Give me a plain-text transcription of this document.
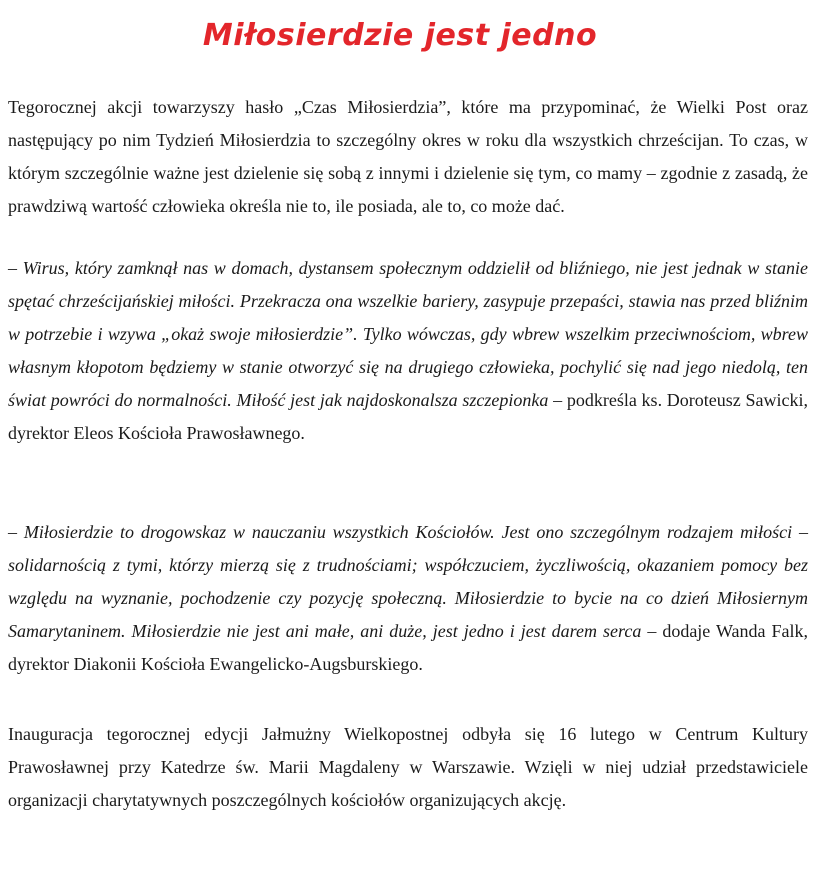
Miłosierdzie jest jedno

Tegorocznej akcji towarzyszy hasło „Czas Miłosierdzia”, które ma przypominać, że Wielki Post oraz następujący po nim Tydzień Miłosierdzia to szczególny okres w roku dla wszystkich chrześcijan. To czas, w którym szczególnie ważne jest dzielenie się sobą z innymi i dzielenie się tym, co mamy – zgodnie z zasadą, że prawdziwą wartość człowieka określa nie to, ile posiada, ale to, co może dać.

– Wirus, który zamknął nas w domach, dystansem społecznym oddzielił od bliźniego, nie jest jednak w stanie spętać chrześcijańskiej miłości. Przekracza ona wszelkie bariery, zasypuje przepaści, stawia nas przed bliźnim w potrzebie i wzywa „okaż swoje miłosierdzie”. Tylko wówczas, gdy wbrew wszelkim przeciwnościom, wbrew własnym kłopotom będziemy w stanie otworzyć się na drugiego człowieka, pochylić się nad jego niedolą, ten świat powróci do normalności. Miłość jest jak najdoskonalsza szczepionka – podkreśla ks. Doroteusz Sawicki, dyrektor Eleos Kościoła Prawosławnego.

– Miłosierdzie to drogowskaz w nauczaniu wszystkich Kościołów. Jest ono szczególnym rodzajem miłości – solidarnością z tymi, którzy mierzą się z trudnościami; współczuciem, życzliwością, okazaniem pomocy bez względu na wyznanie, pochodzenie czy pozycję społeczną. Miłosierdzie to bycie na co dzień Miłosiernym Samarytaninem. Miłosierdzie nie jest ani małe, ani duże, jest jedno i jest darem serca – dodaje Wanda Falk, dyrektor Diakonii Kościoła Ewangelicko-Augsburskiego.

Inauguracja tegorocznej edycji Jałmużny Wielkopostnej odbyła się 16 lutego w Centrum Kultury Prawosławnej przy Katedrze św. Marii Magdaleny w Warszawie. Wzięli w niej udział przedstawiciele organizacji charytatywnych poszczególnych kościołów organizujących akcję.
